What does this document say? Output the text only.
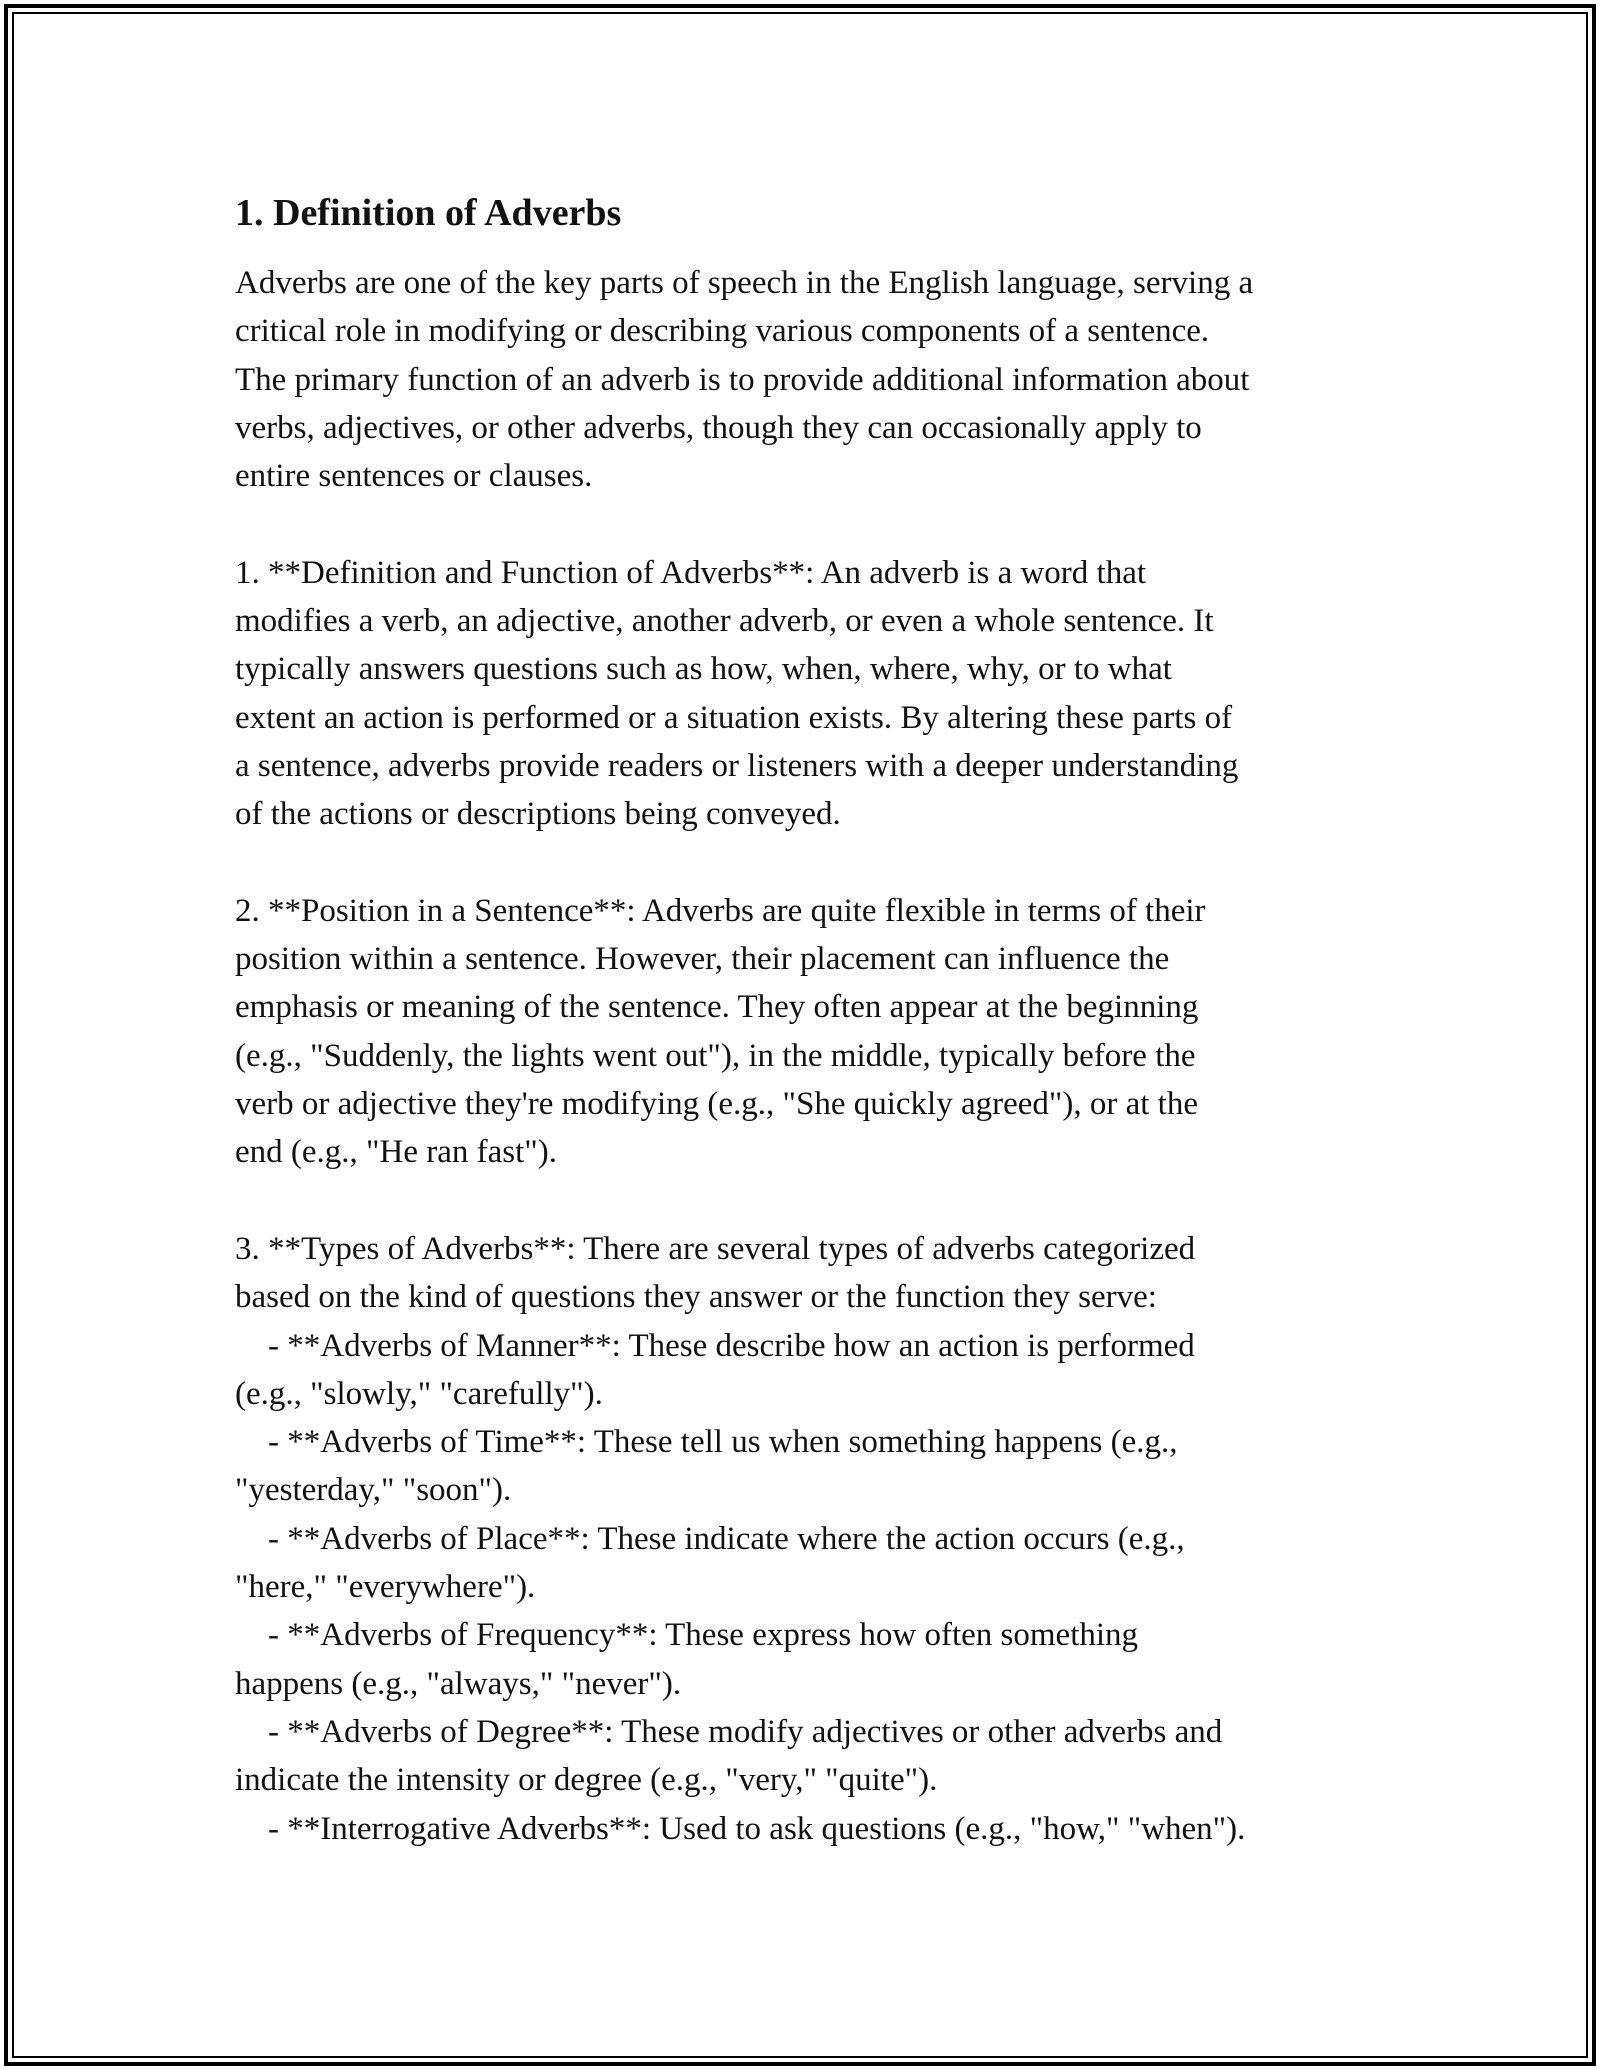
1. Definition of Adverbs
Adverbs are one of the key parts of speech in the English language, serving a
critical role in modifying or describing various components of a sentence.
The primary function of an adverb is to provide additional information about
verbs, adjectives, or other adverbs, though they can occasionally apply to
entire sentences or clauses.
1. **Definition and Function of Adverbs**: An adverb is a word that
modifies a verb, an adjective, another adverb, or even a whole sentence. It
typically answers questions such as how, when, where, why, or to what
extent an action is performed or a situation exists. By altering these parts of
a sentence, adverbs provide readers or listeners with a deeper understanding
of the actions or descriptions being conveyed.
2. **Position in a Sentence**: Adverbs are quite flexible in terms of their
position within a sentence. However, their placement can influence the
emphasis or meaning of the sentence. They often appear at the beginning
(e.g., "Suddenly, the lights went out"), in the middle, typically before the
verb or adjective they're modifying (e.g., "She quickly agreed"), or at the
end (e.g., "He ran fast").
3. **Types of Adverbs**: There are several types of adverbs categorized
based on the kind of questions they answer or the function they serve:
- **Adverbs of Manner**: These describe how an action is performed
(e.g., "slowly," "carefully").
- **Adverbs of Time**: These tell us when something happens (e.g.,
"yesterday," "soon").
- **Adverbs of Place**: These indicate where the action occurs (e.g.,
"here," "everywhere").
- **Adverbs of Frequency**: These express how often something
happens (e.g., "always," "never").
- **Adverbs of Degree**: These modify adjectives or other adverbs and
indicate the intensity or degree (e.g., "very," "quite").
- **Interrogative Adverbs**: Used to ask questions (e.g., "how," "when").
